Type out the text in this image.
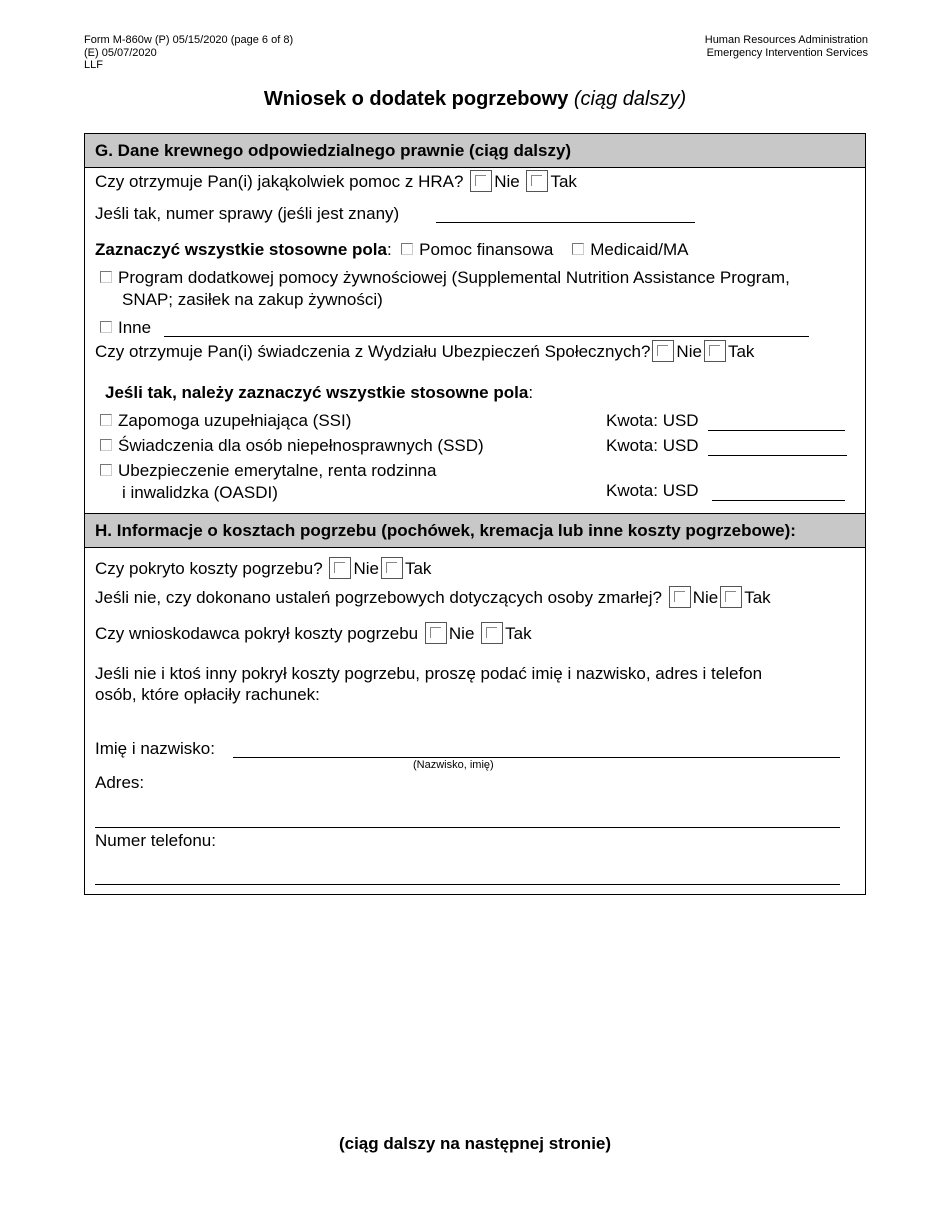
Form M-860w (P) 05/15/2020 (page 6 of 8)
(E) 05/07/2020
LLF
Human Resources Administration
Emergency Intervention Services
Wniosek o dodatek pogrzebowy (ciąg dalszy)
G. Dane krewnego odpowiedzialnego prawnie (ciąg dalszy)
Czy otrzymuje Pan(i) jakąkolwiek pomoc z HRA? Nie Tak
Jeśli tak, numer sprawy (jeśli jest znany)
Zaznaczyć wszystkie stosowne pola: Pomoc finansowa Medicaid/MA
Program dodatkowej pomocy żywnościowej (Supplemental Nutrition Assistance Program,
SNAP; zasiłek na zakup żywności)
Inne
Czy otrzymuje Pan(i) świadczenia z Wydziału Ubezpieczeń Społecznych? Nie Tak
Jeśli tak, należy zaznaczyć wszystkie stosowne pola:
Zapomoga uzupełniająca (SSI)	Kwota: USD
Świadczenia dla osób niepełnosprawnych (SSD)	Kwota: USD
Ubezpieczenie emerytalne, renta rodzinna
i inwalidzka (OASDI)	Kwota: USD
H. Informacje o kosztach pogrzebu (pochówek, kremacja lub inne koszty pogrzebowe):
Czy pokryto koszty pogrzebu? Nie Tak
Jeśli nie, czy dokonano ustaleń pogrzebowych dotyczących osoby zmarłej? Nie Tak
Czy wnioskodawca pokrył koszty pogrzebu Nie Tak
Jeśli nie i ktoś inny pokrył koszty pogrzebu, proszę podać imię i nazwisko, adres i telefon
osób, które opłaciły rachunek:
Imię i nazwisko:
(Nazwisko, imię)
Adres:
Numer telefonu:
(ciąg dalszy na następnej stronie)
